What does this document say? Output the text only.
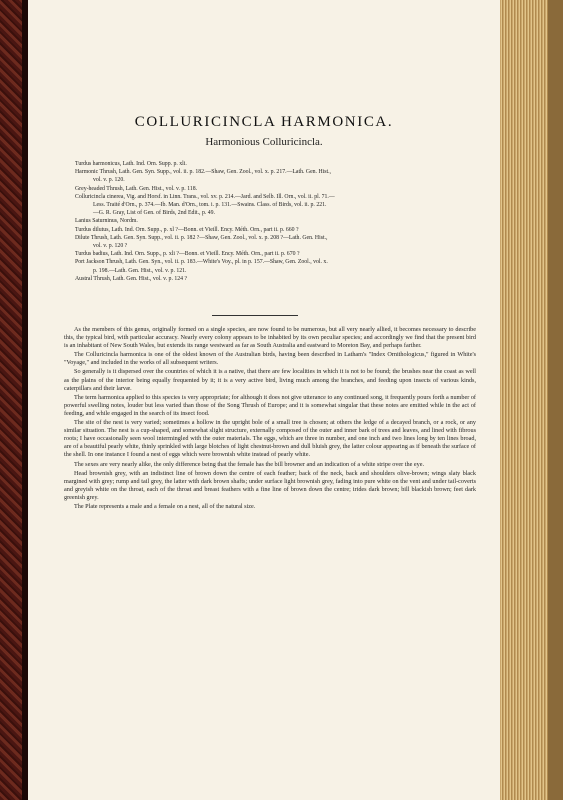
COLLURICINCLA HARMONICA.
Harmonious Colluricincla.

Turdus harmonicus, Lath. Ind. Orn. Supp. p. xli.

Harmonic Thrush, Lath. Gen. Syn. Supp., vol. ii. p. 182.—Shaw, Gen. Zool., vol. x. p. 217.—Lath. Gen. Hist.,

vol. v. p. 120.

Grey-headed Thrush, Lath. Gen. Hist., vol. v. p. 118.

Colluricincla cinerea, Vig. and Horsf. in Linn. Trans., vol. xv. p. 214.—Jard. and Selb. Ill. Orn., vol. ii. pl. 71.—

Less. Traité d'Orn., p. 374.—Ib. Man. d'Orn., tom. i. p. 131.—Swains. Class. of Birds, vol. ii. p. 221.

—G. R. Gray, List of Gen. of Birds, 2nd Edit., p. 49.

Lanius Saturninus, Nordm.

Turdus dilutus, Lath. Ind. Orn. Supp., p. xl ?—Bonn. et Vieill. Ency. Méth. Orn., part ii. p. 660 ?

Dilute Thrush, Lath. Gen. Syn. Supp., vol. ii. p. 182 ?—Shaw, Gen. Zool., vol. x. p. 208 ?—Lath. Gen. Hist.,

vol. v. p. 120 ?

Turdus badius, Lath. Ind. Orn. Supp., p. xli ?—Bonn. et Vieill. Ency. Méth. Orn., part ii. p. 670 ?

Port Jackson Thrush, Lath. Gen. Syn., vol. ii. p. 183.—White's Voy., pl. in p. 157.—Shaw, Gen. Zool., vol. x.

p. 198.—Lath. Gen. Hist., vol. v. p. 121.

Austral Thrush, Lath. Gen. Hist., vol. v. p. 124 ?

As the members of this genus, originally formed on a single species, are now found to be numerous, but all very nearly allied, it becomes necessary to describe this, the typical bird, with particular accuracy. Nearly every colony appears to be inhabited by its own peculiar species; and accordingly we find that the present bird is an inhabitant of New South Wales, but extends its range westward as far as South Australia and eastward to Moreton Bay, and perhaps farther.

The Colluricincla harmonica is one of the oldest known of the Australian birds, having been described in Latham's "Index Ornithologicus," figured in White's "Voyage," and included in the works of all subsequent writers.

So generally is it dispersed over the countries of which it is a native, that there are few localities in which it is not to be found; the brushes near the coast as well as the plains of the interior being equally frequented by it; it is a very active bird, living much among the branches, and feeding upon insects of various kinds, caterpillars and their larvæ.

The term harmonica applied to this species is very appropriate; for although it does not give utterance to any continued song, it frequently pours forth a number of powerful swelling notes, louder but less varied than those of the Song Thrush of Europe; and it is somewhat singular that these notes are emitted while in the act of feeding, and while engaged in the search of its insect food.

The site of the nest is very varied; sometimes a hollow in the upright bole of a small tree is chosen; at others the ledge of a decayed branch, or a rock, or any similar situation. The nest is a cup-shaped, and somewhat slight structure, externally composed of the outer and inner bark of trees and leaves, and lined with fibrous roots; I have occasionally seen wool intermingled with the outer materials. The eggs, which are three in number, and one inch and two lines long by ten lines broad, are of a beautiful pearly white, thinly sprinkled with large blotches of light chestnut-brown and dull bluish grey, the latter colour appearing as if beneath the surface of the shell. In one instance I found a nest of eggs which were brownish white instead of pearly white.

The sexes are very nearly alike, the only difference being that the female has the bill browner and an indication of a white stripe over the eye.

Head brownish grey, with an indistinct line of brown down the centre of each feather; back of the neck, back and shoulders olive-brown; wings slaty black margined with grey; rump and tail grey, the latter with dark brown shafts; under surface light brownish grey, fading into pure white on the vent and under tail-coverts and greyish white on the throat, each of the throat and breast feathers with a fine line of brown down the centre; irides dark brown; bill blackish brown; feet dark greenish grey.

The Plate represents a male and a female on a nest, all of the natural size.
